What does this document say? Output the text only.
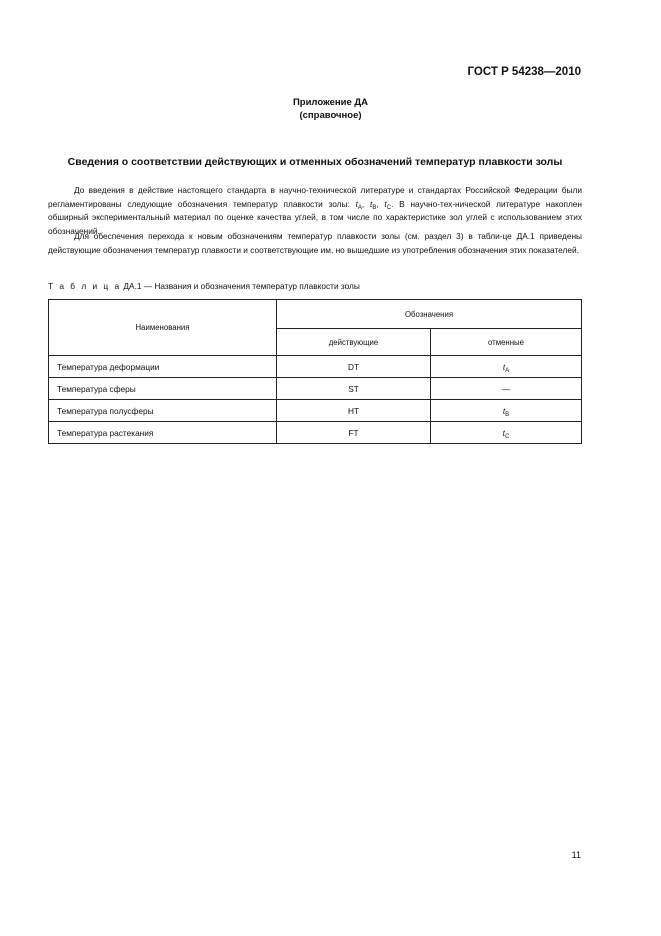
ГОСТ Р 54238—2010
Приложение ДА
(справочное)
Сведения о соответствии действующих и отменных обозначений температур плавкости золы

До введения в действие настоящего стандарта в научно-технической литературе и стандартах Российской Федерации были регламентированы следующие обозначения температур плавкости золы: $t_A$, $t_B$, $t_C$. В научно-тех-нической литературе накоплен обширный экспериментальный материал по оценке качества углей, в том числе по характеристике зол углей с использованием этих обозначений.

Для обеспечения перехода к новым обозначениям температур плавкости золы (см. раздел 3) в табли-це ДА.1 приведены действующие обозначения температур плавкости и соответствующие им, но вышедшие из употребления обозначения этих показателей.

Т а б л и ц а ДА.1 — Названия и обозначения температур плавкости золы
Наименования	Обозначения	
	действующие	отменные
Температура деформации	DT	$t_A$
Температура сферы	ST	—
Температура полусферы	HT	$t_B$
Температура растекания	FT	$t_C$
11
